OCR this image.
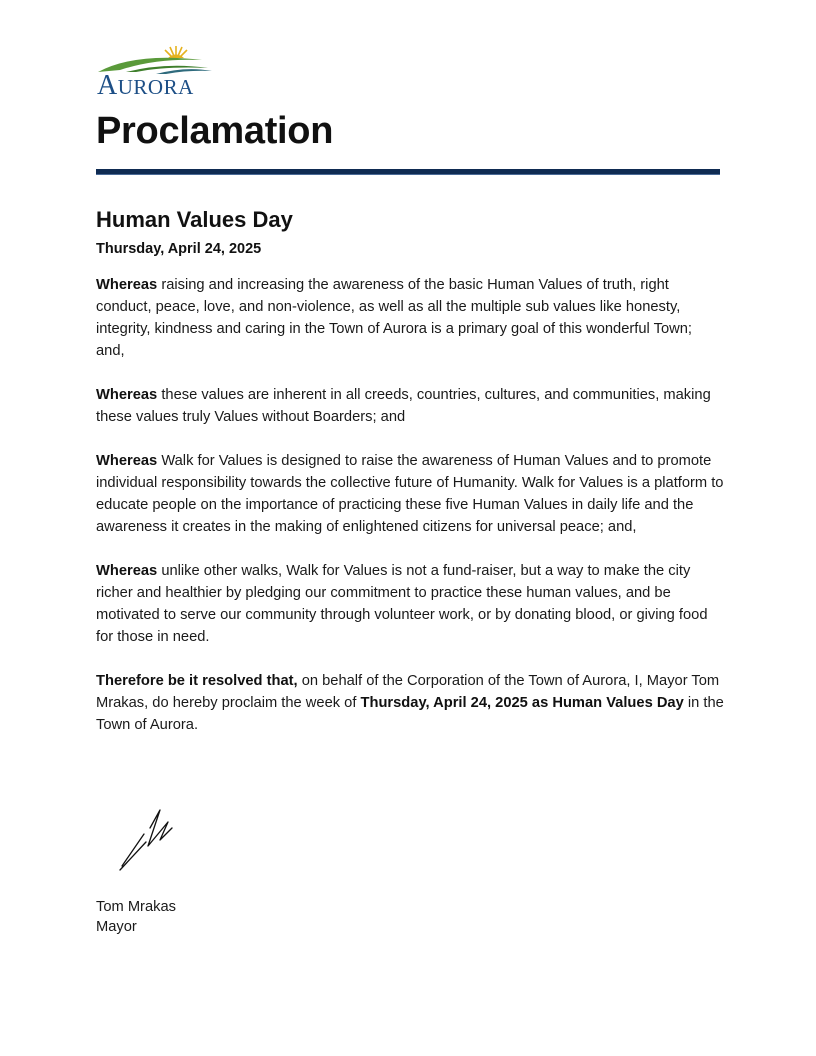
AURORA
Proclamation
Human Values Day
Thursday, April 24, 2025

Whereas raising and increasing the awareness of the basic Human Values of truth, right conduct, peace, love, and non-violence, as well as all the multiple sub values like honesty, integrity, kindness and caring in the Town of Aurora is a primary goal of this wonderful Town; and,

Whereas these values are inherent in all creeds, countries, cultures, and communities, making these values truly Values without Boarders; and

Whereas Walk for Values is designed to raise the awareness of Human Values and to promote individual responsibility towards the collective future of Humanity. Walk for Values is a platform to educate people on the importance of practicing these five Human Values in daily life and the awareness it creates in the making of enlightened citizens for universal peace; and,

Whereas unlike other walks, Walk for Values is not a fund-raiser, but a way to make the city richer and healthier by pledging our commitment to practice these human values, and be motivated to serve our community through volunteer work, or by donating blood, or giving food for those in need.

Therefore be it resolved that, on behalf of the Corporation of the Town of Aurora, I, Mayor Tom Mrakas, do hereby proclaim the week of Thursday, April 24, 2025 as Human Values Day in the Town of Aurora.

Tom Mrakas
Mayor
